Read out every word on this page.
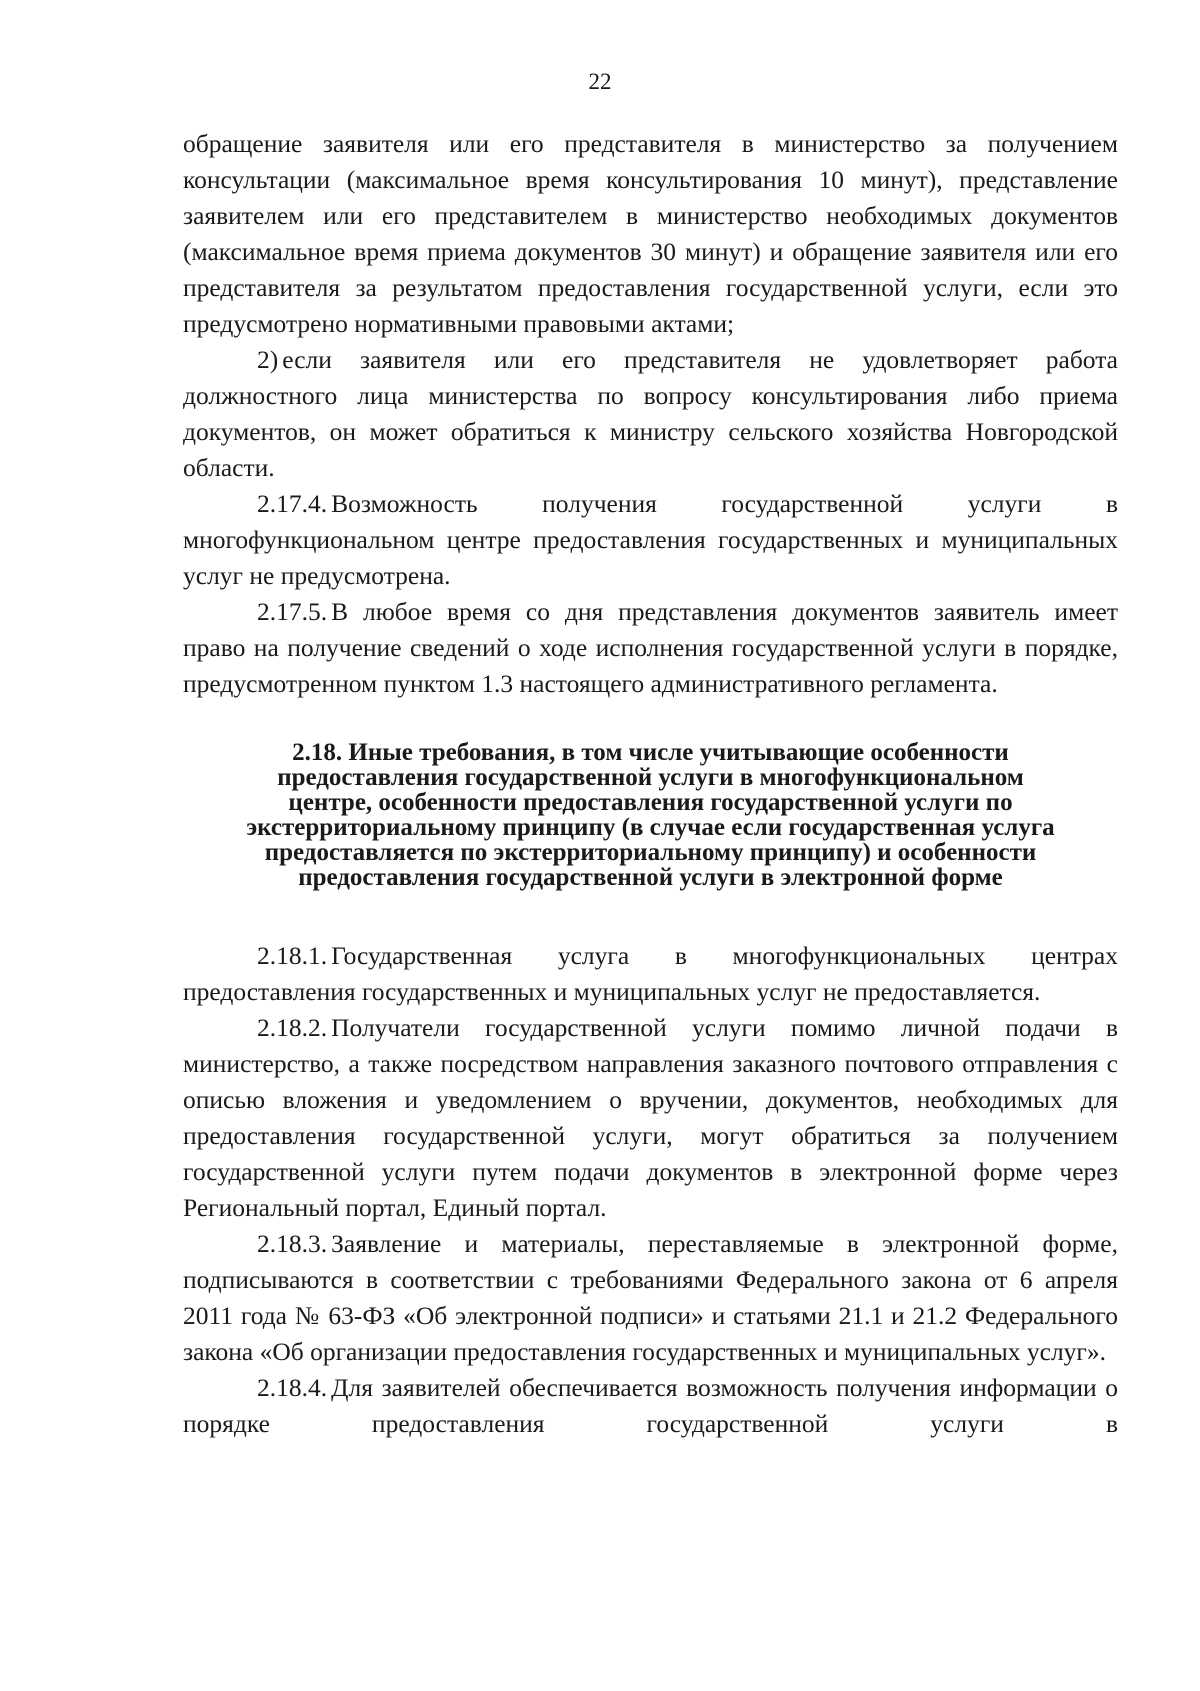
22

обращение заявителя или его представителя в министерство за получением консультации (максимальное время консультирования 10 минут), представление заявителем или его представителем в министерство необходимых документов (максимальное время приема документов 30 минут) и обращение заявителя или его представителя за результатом предоставления государственной услуги, если это предусмотрено нормативными правовыми актами;

2) если заявителя или его представителя не удовлетворяет работа должностного лица министерства по вопросу консультирования либо приема документов, он может обратиться к министру сельского хозяйства Новгородской области.

2.17.4. Возможность получения государственной услуги в многофункциональном центре предоставления государственных и муниципальных услуг не предусмотрена.

2.17.5. В любое время со дня представления документов заявитель имеет право на получение сведений о ходе исполнения государственной услуги в порядке, предусмотренном пунктом 1.3 настоящего административного регламента.

2.18. Иные требования, в том числе учитывающие особенности
предоставления государственной услуги в многофункциональном
центре, особенности предоставления государственной услуги по
экстерриториальному принципу (в случае если государственная услуга
предоставляется по экстерриториальному принципу) и особенности
предоставления государственной услуги в электронной форме

2.18.1. Государственная услуга в многофункциональных центрах предоставления государственных и муниципальных услуг не предоставляется.

2.18.2. Получатели государственной услуги помимо личной подачи в министерство, а также посредством направления заказного почтового отправления с описью вложения и уведомлением о вручении, документов, необходимых для предоставления государственной услуги, могут обратиться за получением государственной услуги путем подачи документов в электронной форме через Региональный портал, Единый портал.

2.18.3. Заявление и материалы, переставляемые в электронной форме, подписываются в соответствии с требованиями Федерального закона от 6 апреля 2011 года № 63-ФЗ «Об электронной подписи» и статьями 21.1 и 21.2 Федерального закона «Об организации предоставления государственных и муниципальных услуг».

2.18.4. Для заявителей обеспечивается возможность получения информации о порядке предоставления государственной услуги в
